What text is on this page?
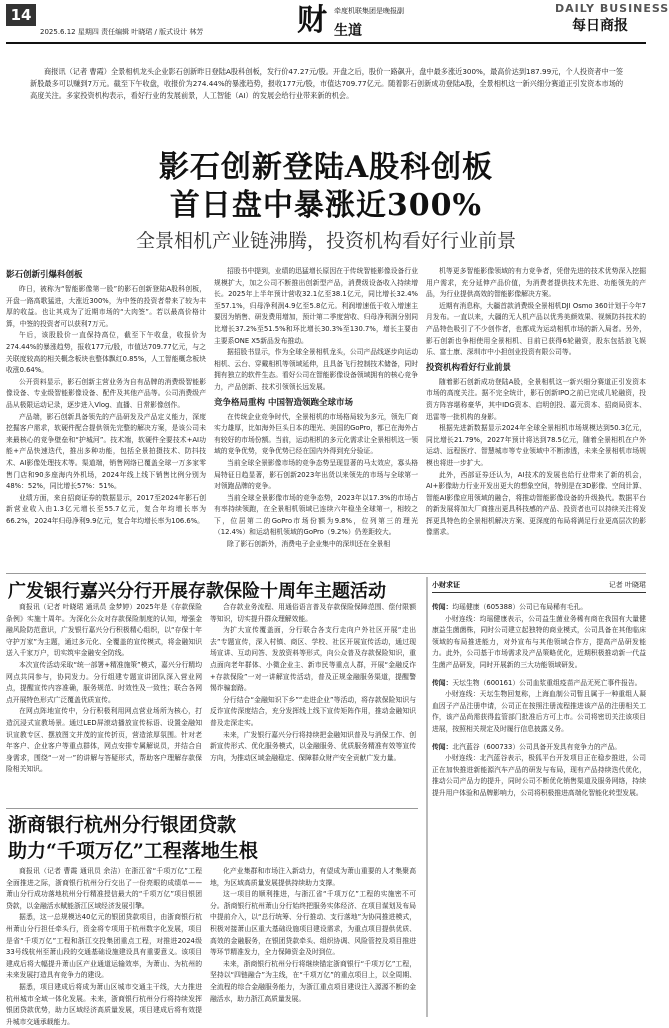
14
2025.6.12 星期四 责任编辑 叶晓珺 / 版式设计 林芳	财	牵度机联集团是晚报副
生道
DAILY BUSINESS
每日商报
商报讯（记者 曹霞）全景相机龙头企业影石创新昨日登陆A股科创板，发行价47.27元/股。开盘之后，股价一路飙升，盘中最多涨近300%，最高价达到187.99元，个人投资者中一签新股最多可以赚到7万元。截至下午收盘，收报价为274.44%的暴涨趋势，报收177元/股，市值达709.77亿元。随着影石创新成功登陆A股，全景相机这一新兴细分赛道正引发资本市场的高度关注。多家投资机构表示，看好行业的发展前景，人工智能（AI）的发展会给行业带来新的机会。
影石创新登陆A股科创板
首日盘中暴涨近300%
全景相机产业链沸腾，投资机构看好行业前景
影石创新引爆科创板

昨日，被称为“智能影像第一股”的影石创新登陆A股科创板，开盘一路高歌猛进，大涨近300%，为中签的投资者带来了较为丰厚的收益。也让其成为了近期市场的“大肉签”。若以最高价格计算，中签的投资者可以获利7万元。

午后，该股股价一直保持高位，截至下午收盘，收报价为274.44%的暴涨趋势，报收177元/股，市值达709.77亿元，与之关联度较高的相关概念板块也整体飘红0.85%，人工智能概念板块收涨0.64%。

公开资料显示，影石创新主营业务为自有品牌的消费级智能影像设备、专业级智能影像设备、配件及其他产品等。公司消费级产品从极限运动记录，逐步进入Vlog、直播、日常影像创作。

产品端，影石创新具备领先的产品研发及产品定义能力，深度挖掘客户需求，软硬件配合提供领先完整的解决方案，是该公司未来最核心的竞争壁垒和“护城河”。技术端，软硬件全要技术+AI功能+产品快速迭代，推出多种功能，包括全景拍摄技术、防抖技术、AI影像处理技术等。渠道端，销售网络已覆盖全球一万多家零售门店和90多座海内外机场，2024年线上线下销售比例分别为48%：52%，同比增长57%：51%。

业绩方面，来自招商证券的数据显示，2017至2024年影石创新营业收入由1.3亿元增长至55.7亿元，复合年均增长率为66.2%，2024年归母净利9.9亿元，复合年均增长率为106.6%。

招股书中提到，业绩的迅猛增长原因在于传统智能影像设备行业规模扩大，加之公司不断推出创新型产品，消费级设备收入持续增长。2025年上半年预计营收32.1亿至38.1亿元，同比增长32.4%至57.1%，归母净利润4.9亿至5.8亿元。利润增速低于收入增速主要因为销售、研发费用增加，预计第二季度营收、归母净利润分别同比增长37.2%至51.5%和环比增长30.3%至130.7%，增长主要由主要系ONE X5新品发布推动。

据招股书显示，作为全球全景相机龙头，公司产品线逐步向运动相机、云台、穿戴相机等领域延伸，且具备飞行控制技术储备，同时拥有独立的软件生态。看好公司在智能影像设备领域拥有的核心竞争力，产品创新、技术引领领长远发展。

竞争格局重构 中国智造领跑全球市场

在传统企业竞争时代，全景相机的市场格局较为多元，领先厂商实力雄厚，比如海外巨头日本的理光、美国的GoPro，都已在海外占有较好的市场份额。当前，运动相机的多元化需求让全景相机这一领域的竞争优势，竞争优势已经在国内外得到充分验证。

当前全球全景影像市场的竞争态势呈现显著的马太效应，寡头格局特征日趋显著，影石创新2023年出货以来领先的市场与全球第一对领跑品牌的竞争。

当前全球全景影像市场的竞争态势，2023年以17.3%的市场占有率持续领跑，在全景相机领域已连续六年稳坐全球第一，相较之下，位居第二的GoPro市场份额为9.8%，位列第三的理光（12.4%）和运动相机领域的GoPro（9.2%）仍差距较大。

除了影石创新外，消费电子企业集中的深圳还在全景相

机等更多智能影像领域的有力竞争者，凭借先进的技术优势深入挖掘用户需求，充分延伸产品价值，为消费者提供技术先进、功能领先的产品，为行业提供高效的智能影像解决方案。

近期有消息称，大疆首款消费级全景相机DJI Osmo 360计划于今年7月发布。一直以来，大疆的无人机产品以优秀美颜效果、视频防抖技术的产品特色吸引了不少创作者，也都成为运动相机市场的新入局者。另外，影石创新也争相使用全景相机、目前已获得6轮融资，股东包括浪飞娱乐、富士康、深圳市中小担创业投资有限公司等。

投资机构看好行业前景

随着影石创新成功登陆A股，全景相机这一新兴细分赛道正引发资本市场的高度关注。据不完全统计，影石创新IPO之前已完成几轮融资，投资方阵容堪称豪华，其中IDG资本、启明创投、嘉元资本、招商局资本、迅雷等一批机构的身影。

根据先进新数据显示2024年全球全景相机市场规模达到50.3亿元，同比增长21.79%，2027年预计将达到78.5亿元，随着全景相机在户外运动、远程医疗、智慧城市等专业领域中不断渗透，未来全景相机市场规模也将进一步扩大。

此外，西部证券还认为，AI技术的发展也给行业带来了新的机会，AI+影像助力行业开发出更大的想象空间，特别是在3D影像、空间计算、智能AI影像应用领域的融合，将推动智能影像设备的升级换代。数据平台的新发展将加大厂商推出更具科技感的产品、投资者也可以持续关注将发挥更具特色的全景相机解决方案、更深度的布局将满足行业更高层次的影像需求。

广发银行嘉兴分行开展存款保险十周年主题活动

商报讯（记者 叶晓珺 通讯员 金梦婷）2025年是《存款保险条例》实施十周年。为深化公众对存款保险制度的认知，增强金融风险防范意识，广发银行嘉兴分行积极精心组织，以“存保十年 守护万家”为主题，通过多元化、全覆盖的宣传模式，将金融知识送入千家万户，切实筑牢金融安全防线。

本次宣传活动采取“统一部署+精准施策”模式，嘉兴分行精均网点共同参与，协同发力。分行组建专题宣讲团队深入营业网点，提醒宣传内容准确，服务规范、时效性及一致性；联合各网点开展特色形式广泛覆盖优质宣传。

在网点阵地宣传中，分行积极利用网点营业场所为核心，打造沉浸式宣教场景。通过LED屏滚动播放宣传标语、设置金融知识宣教专区、摆放图文并茂的宣传折页，营造浓厚氛围。针对老年客户、企业客户等重点群体，网点安排专属解说员，并结合自身需求，围绕“一对一”的讲解与答疑形式，帮助客户理解存款保险相关知识。

合存款业务流程、用通俗语言普及存款保险保障范围、偿付限额等知识，切实提升群众理解效能。

为扩大宣传覆盖面，分行联合各支行走向户外社区开展“走出去”专题宣传，深入村镇、商区、学校、社区开展宣传活动，通过现场宣讲、互动问答、发放资料等形式，向公众普及存款保险知识，重点面向老年群体、小微企业主、新市民等重点人群，开展“金融反诈+存款保险”一对一讲解宣传活动，普及正规金融服务渠道，提醒警惕诈骗套路。

分行结合“金融知识下乡”“走进企业”等活动，将存款保险知识与反诈宣传深度结合，充分发挥线上线下宣传矩阵作用，推动金融知识普及走深走实。

未来，广发银行嘉兴分行将持续把金融知识普及与消保工作、创新宣传形式、优化服务模式，以金融服务、优质服务精准有效等宣传方向，为推动区域金融稳定、保障群众财产安全贡献广发力量。

浙商银行杭州分行银团贷款
助力“千项万亿”工程落地生根

商报讯（记者 曹霞 通讯员 余洁）在浙江省“千项万亿”工程全面推进之际，浙商银行杭州分行交出了一份亮眼的成绩单——萧山分行成功落地杭州分行精准授信最大的“千项万亿”项目银团贷款，以金融活水赋能浙江区域经济发展引擎。

据悉，这一总规模达40亿元的银团贷款项目，由浙商银行杭州萧山分行担任牵头行，资金将专项用于杭州数字化发展，项目是省“千项万亿”工程和浙江交投集团重点工程，对推进2024级33号线杭州至萧山段的交通基础设施建设具有重要意义。该项目建成后将大幅提升萧山区产业通道运输效率，为萧山、为杭州的未来发展打造具有竞争力的建设。

据悉，项目建成后将成为萧山区城市交通主干线，大力推进杭州城市全域一体化发展。未来，浙商银行杭州分行将持续发挥银团贷款优势，助力区域经济高质量发展，项目建成后将有效提升城市交通承载能力。

化产业集群和市场注入新动力，有望成为萧山重要的人才集聚高地，为区域高质量发展提供持续助力支撑。

这一项目的顺利推进，与浙江省“千项万亿”工程的实施密不可分。浙商银行杭州萧山分行始终把服务实体经济、在项目谋划及布局中提前介入，以“总行统筹、分行推动、支行落地”为协同推进模式，积极对接萧山区重大基础设施项目建设需求，为重点项目提供优质、高效的金融服务，在银团贷款牵头、组织协调、风险管控及项目推进等环节精准发力，全力保障资金及时到位。

未来，浙商银行杭州分行将继续锚定浙商银行“千项万亿”工程，坚持以“四链融合”为主线，在“千项万亿”的重点项目上，以全周期、全流程的综合金融服务能力，为浙江重点项目建设注入源源不断的金融活水，助力浙江高质量发展。

小财求证	记者 叶晓珺

传闻：均瑶健康（605388）公司已布局稀有毛孔。

小财连线：均瑶健康表示，公司益生菌业务稀有商在我国有大量健康益生菌菌株，同时公司建立起独特的商业模式，公司具备在其他临床领域的布局推进能力，对外宣布与其他领域合作方，提高产品研发能力。此外，公司基于市场需求及产品策略优化，近期积极推动新一代益生菌产品研发，同时开展新的三大功能领域研发。

传闻：天坛生物（600161）公司血浆重组疫苗产品无死亡事件报告。

小财连线：天坛生物回复称，上海血制公司暂且属于一种重组人凝血因子产品注册申请，公司正在按照注册流程推进该产品的注册相关工作，该产品尚需获得监管部门批准后方可上市。公司将密切关注该项目进展，按照相关规定及时履行信息披露义务。

传闻：北汽蓝谷（600733）公司具备开发具有竞争力的产品。

小财连线：北汽蓝谷表示，极狐平台开发项目正在稳步推进，公司正在加快推进新能源汽车产品的研发与布局，现有产品持续迭代优化，推动公司产品力的提升，同时公司不断优化销售渠道及服务网络，持续提升用户体验和品牌影响力，公司将积极推进高端化智能化转型发展。
